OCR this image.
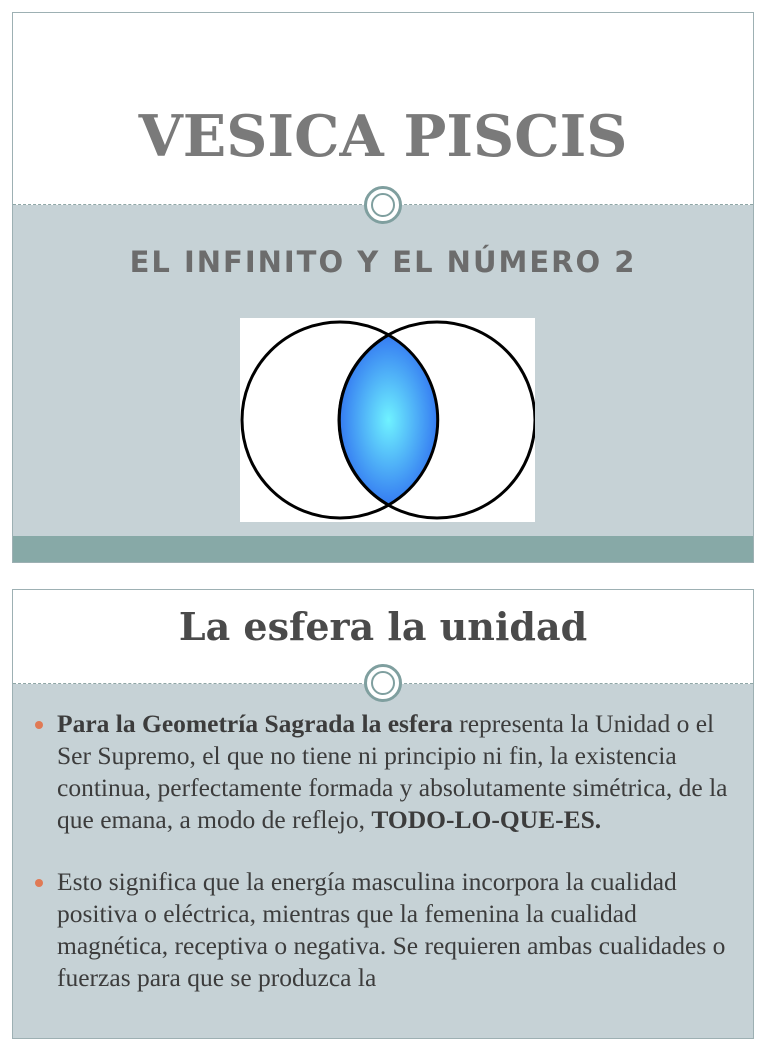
VESICA PISCIS
EL INFINITO Y EL NÚMERO 2
La esfera la unidad
Para la Geometría Sagrada la esfera representa la Unidad o el Ser Supremo, el que no tiene ni principio ni fin, la existencia continua, perfectamente formada y absolutamente simétrica, de la que emana, a modo de reflejo, TODO-LO-QUE-ES.
Esto significa que la energía masculina incorpora la cualidad positiva o eléctrica, mientras que la femenina la cualidad magnética, receptiva o negativa. Se requieren ambas cualidades o fuerzas para que se produzca la
